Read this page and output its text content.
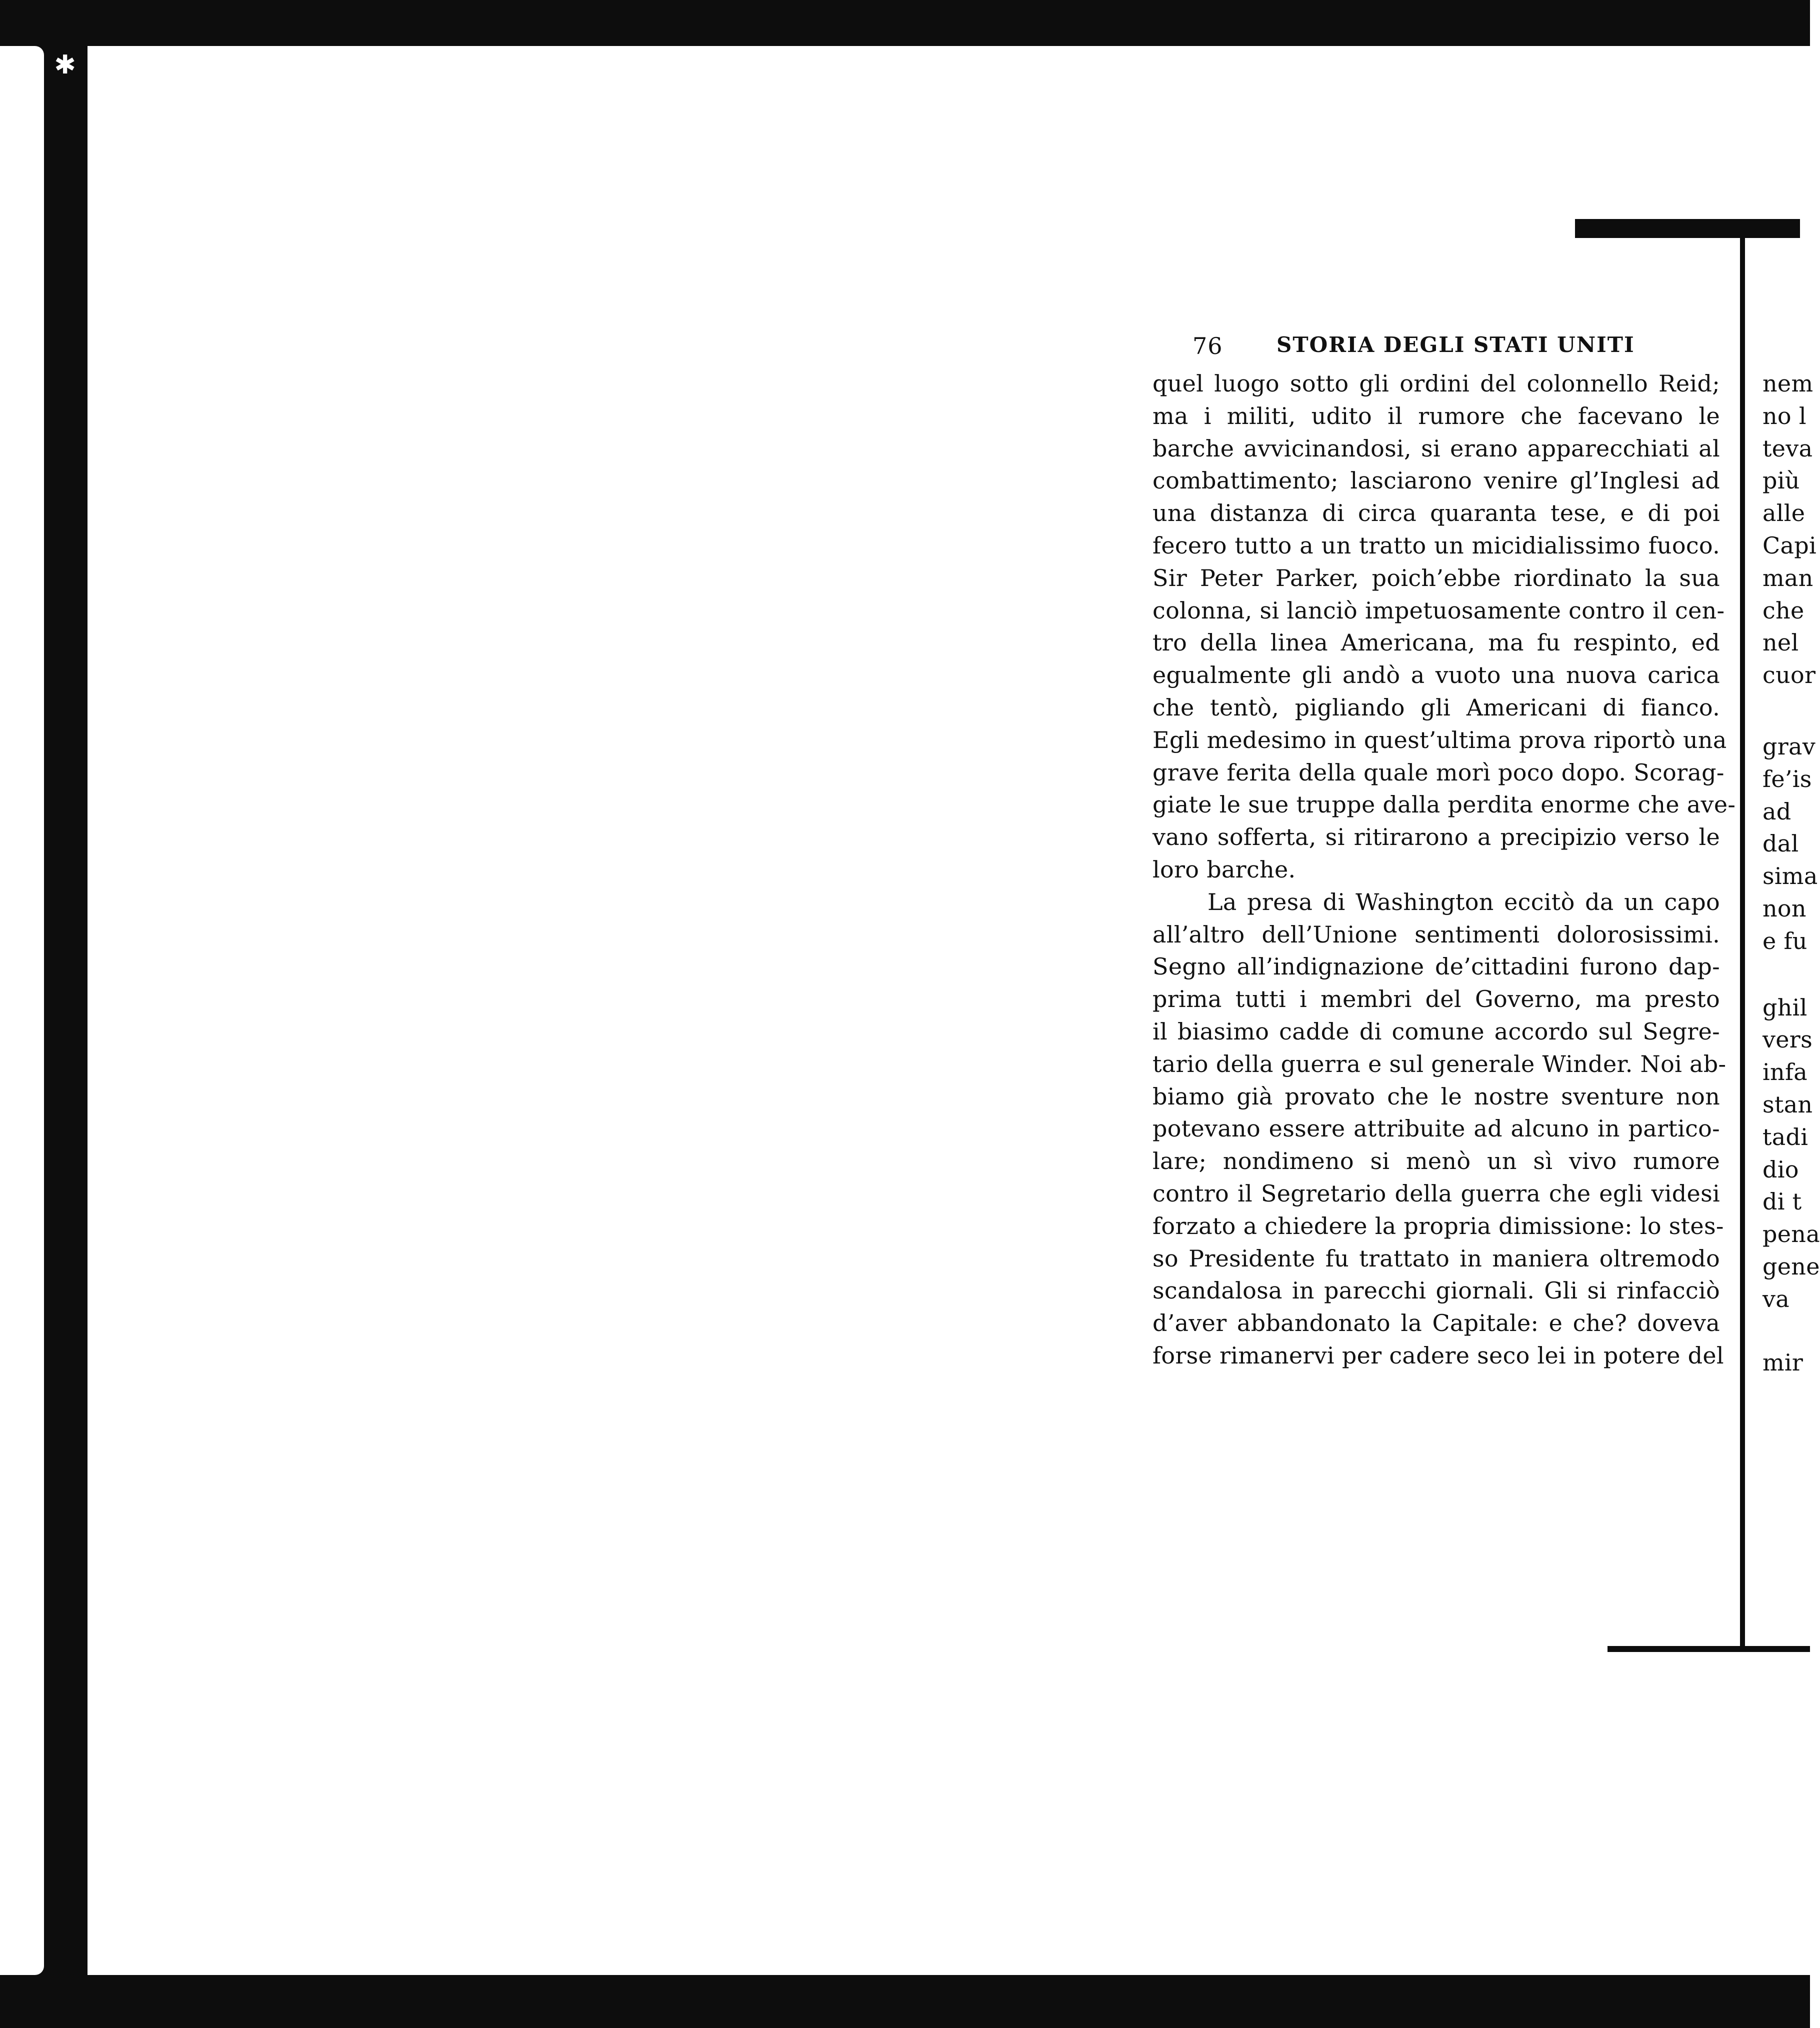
✱
76	STORIA DEGLI STATI UNITI
quel luogo sotto gli ordini del colonnello Reid;
ma i militi, udito il rumore che facevano le
barche avvicinandosi, si erano apparecchiati al
combattimento; lasciarono venire gl’Inglesi ad
una distanza di circa quaranta tese, e di poi
fecero tutto a un tratto un micidialissimo fuoco.
Sir Peter Parker, poich’ebbe riordinato la sua
colonna, si lanciò impetuosamente contro il cen-
tro della linea Americana, ma fu respinto, ed
egualmente gli andò a vuoto una nuova carica
che tentò, pigliando gli Americani di fianco.
Egli medesimo in quest’ultima prova riportò una
grave ferita della quale morì poco dopo. Scorag-
giate le sue truppe dalla perdita enorme che ave-
vano sofferta, si ritirarono a precipizio verso le
loro barche.
La presa di Washington eccitò da un capo
all’altro dell’Unione sentimenti dolorosissimi.
Segno all’indignazione de’cittadini furono dap-
prima tutti i membri del Governo, ma presto
il biasimo cadde di comune accordo sul Segre-
tario della guerra e sul generale Winder. Noi ab-
biamo già provato che le nostre sventure non
potevano essere attribuite ad alcuno in partico-
lare; nondimeno si menò un sì vivo rumore
contro il Segretario della guerra che egli videsi
forzato a chiedere la propria dimissione: lo stes-
so Presidente fu trattato in maniera oltremodo
scandalosa in parecchi giornali. Gli si rinfacciò
d’aver abbandonato la Capitale: e che? doveva
forse rimanervi per cadere seco lei in potere del
nem
no l
teva
più
alle
Capi
man
che
nel
cuor
grav
fe’is
ad
dal
sima
non
e fu
ghil
vers
infa
stan
tadi
dio
di t
pena
gene
va
mir
